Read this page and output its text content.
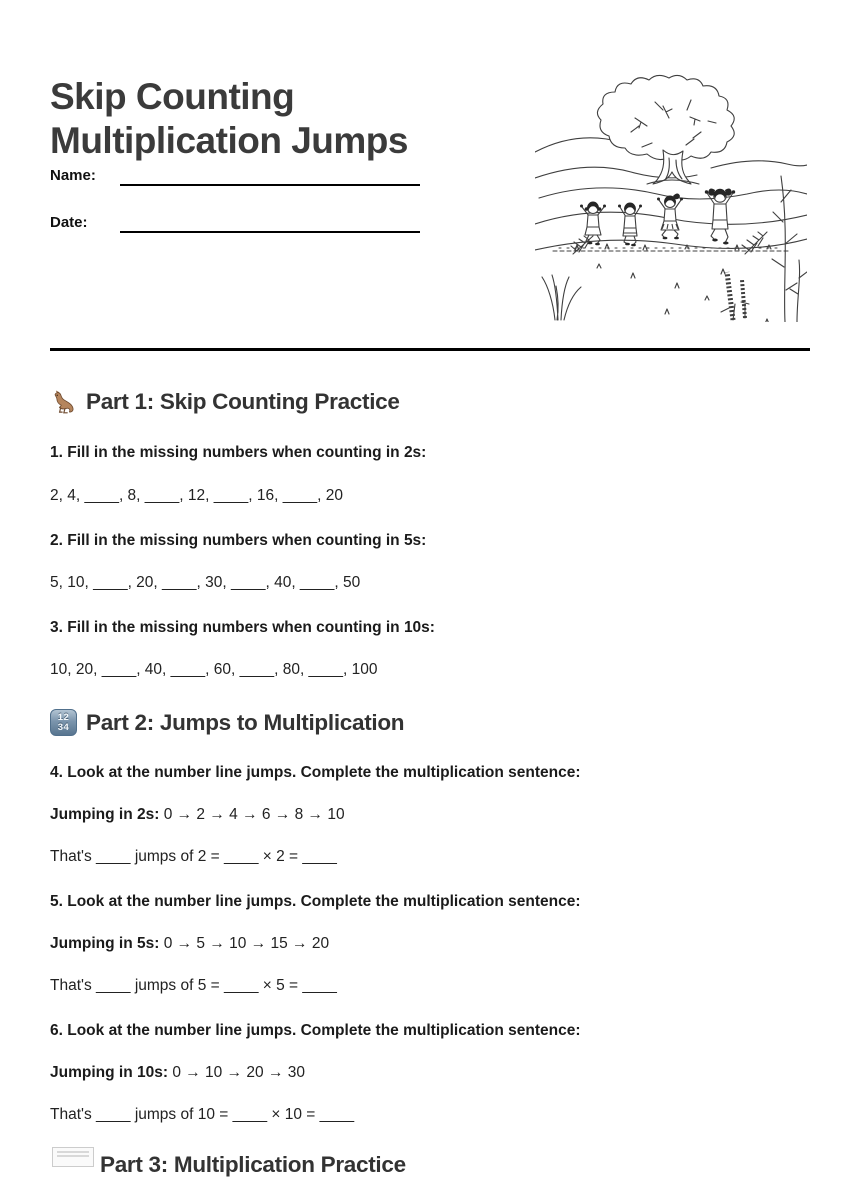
Skip Counting
Multiplication Jumps
Name:
Date:
Part 1: Skip Counting Practice
1. Fill in the missing numbers when counting in 2s:
2, 4, ____, 8, ____, 12, ____, 16, ____, 20
2. Fill in the missing numbers when counting in 5s:
5, 10, ____, 20, ____, 30, ____, 40, ____, 50
3. Fill in the missing numbers when counting in 10s:
10, 20, ____, 40, ____, 60, ____, 80, ____, 100
12
34 Part 2: Jumps to Multiplication
4. Look at the number line jumps. Complete the multiplication sentence:
Jumping in 2s: 0 → 2 → 4 → 6 → 8 → 10
That's ____ jumps of 2 = ____ × 2 = ____
5. Look at the number line jumps. Complete the multiplication sentence:
Jumping in 5s: 0 → 5 → 10 → 15 → 20
That's ____ jumps of 5 = ____ × 5 = ____
6. Look at the number line jumps. Complete the multiplication sentence:
Jumping in 10s: 0 → 10 → 20 → 30
That's ____ jumps of 10 = ____ × 10 = ____
Part 3: Multiplication Practice
